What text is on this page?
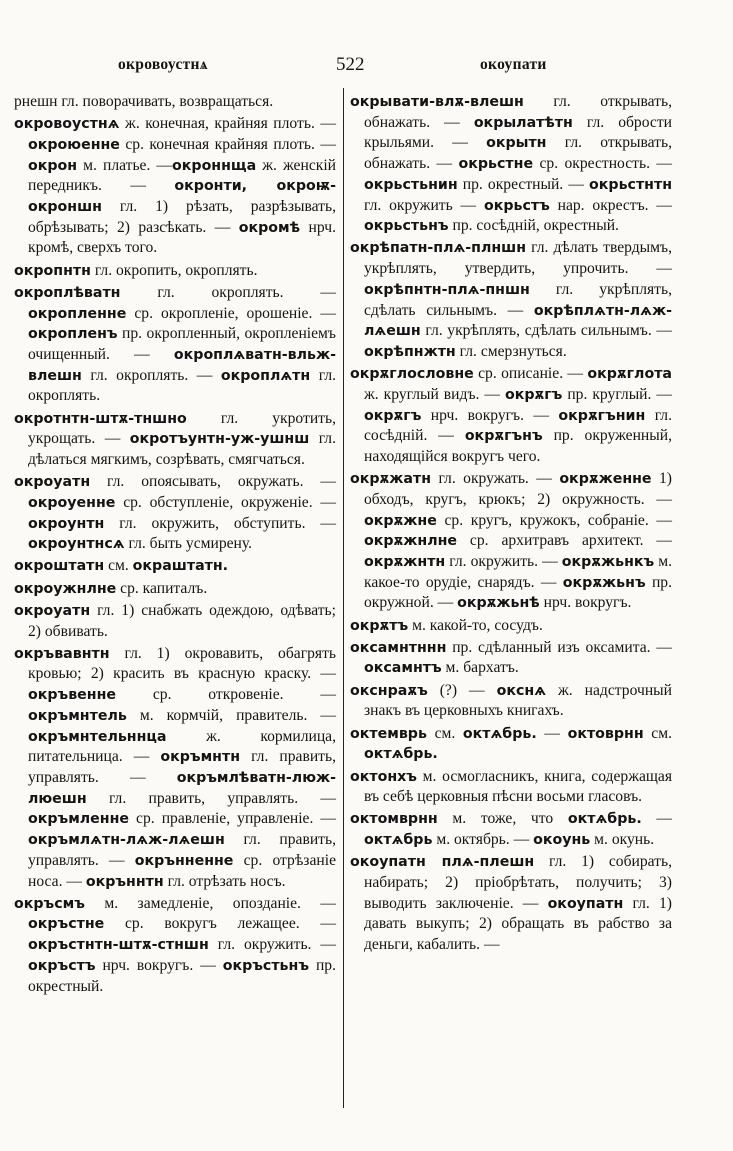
окровоустнѧ	522	окоупати

рнешн гл. поворачивать, возвращаться.

окровоустнѧ ж. конечная, крайняя плоть. — окроюенне ср. конечная крайняя плоть. — окрон м. платье. —окроннща ж. женскій передникъ. — окронти, окроѭ-окроншн гл. 1) рѣзать, разрѣзывать, обрѣзывать; 2) разсѣкать. — окромѣ нрч. кромѣ, сверхъ того.

окропнтн гл. окропить, окроплять.

окроплѣватн гл. окроплять. — окропленне ср. окропленіе, орошеніе. — окропленъ пр. окропленный, окропленіемъ очищенный. — окроплѧватн-вльж-влешн гл. окроплять. — окроплѧтн гл. окроплять.

окротнтн-штѫ-тншно гл. укротить, укрощать. — окротъунтн-уж-ушнш гл. дѣлаться мягкимъ, созрѣвать, смягчаться.

окроуатн гл. опоясывать, окружать. — окроуенне ср. обступленіе, окруженіе. — окроунтн гл. окружить, обступить. — окроунтнсѧ гл. быть усмирену.

окроштатн см. окраштатн.

окроужнлне ср. капиталъ.

окроуатн гл. 1) снабжать одеждою, одѣвать; 2) обвивать.

окръвавнтн гл. 1) окровавить, обагрять кровью; 2) красить въ красную краску. — окръвенне ср. откровеніе. — окръмнтель м. кормчій, правитель. — окръмнтельннца ж. кормилица, питательница. — окръмнтн гл. править, управлять. — окръмлѣватн-люж-люешн гл. править, управлять. — окръмленне ср. правленіе, управленіе. — окръмлѧтн-лѧж-лѧешн гл. править, управлять. — окрънненне ср. отрѣзаніе носа. — окръннтн гл. отрѣзать носъ.

окръсмъ м. замедленіе, опозданіе. — окръстне ср. вокругъ лежащее. — окръстнтн-штѫ-стншн гл. окружить. — окръстъ нрч. вокругъ. — окръстьнъ пр. окрестный.

окрывати-влѫ-влешн гл. открывать, обнажать. — окрылатѣтн гл. обрости крыльями. — окрытн гл. открывать, обнажать. — окрьстне ср. окрестность. — окрьстьнин пр. окрестный. — окрьстнтн гл. окружить — окрьстъ нар. окрестъ. — окрьстьнъ пр. сосѣдній, окрестный.

окрѣпатн-плѧ-плншн гл. дѣлать твердымъ, укрѣплять, утвердить, упрочить. — окрѣпнтн-плѧ-пншн гл. укрѣплять, сдѣлать сильнымъ. — окрѣплѧтн-лѧж-лѧешн гл. укрѣплять, сдѣлать сильнымъ. — окрѣпнжтн гл. смерзнуться.

окрѫглословне ср. описаніе. — окрѫглота ж. круглый видъ. — окрѫгъ пр. круглый. — окрѫгъ нрч. вокругъ. — окрѫгънин гл. сосѣдній. — окрѫгънъ пр. окруженный, находящійся вокругъ чего.

окрѫжатн гл. окружать. — окрѫженне 1) обходъ, кругъ, крюкъ; 2) окружность. — окрѫжне ср. кругъ, кружокъ, собраніе. — окрѫжнлне ср. архитравъ архитект. — окрѫжнтн гл. окружить. — окрѫжьнкъ м. какое-то орудіе, снарядъ. — окрѫжьнъ пр. окружной. — окрѫжьнѣ нрч. вокругъ.

окрѫтъ м. какой-то, сосудъ.

оксамнтннн пр. сдѣланный изъ оксамита. — оксамнтъ м. бархатъ.

окснраѫъ (?) — окснѧ ж. надстрочный знакъ въ церковныхъ книгахъ.

октемврь см. октѧбрь. — октоврнн см. октѧбрь.

октонхъ м. осмогласникъ, книга, содержащая въ себѣ церковныя пѣсни восьми гласовъ.

октомврнн м. тоже, что октѧбрь. — октѧбрь м. октябрь. — окоунь м. окунь.

окоупатн плѧ-плешн гл. 1) собирать, набирать; 2) пріобрѣтать, получить; 3) выводить заключеніе. — окоупатн гл. 1) давать выкупъ; 2) обращать въ рабство за деньги, кабалить. —
